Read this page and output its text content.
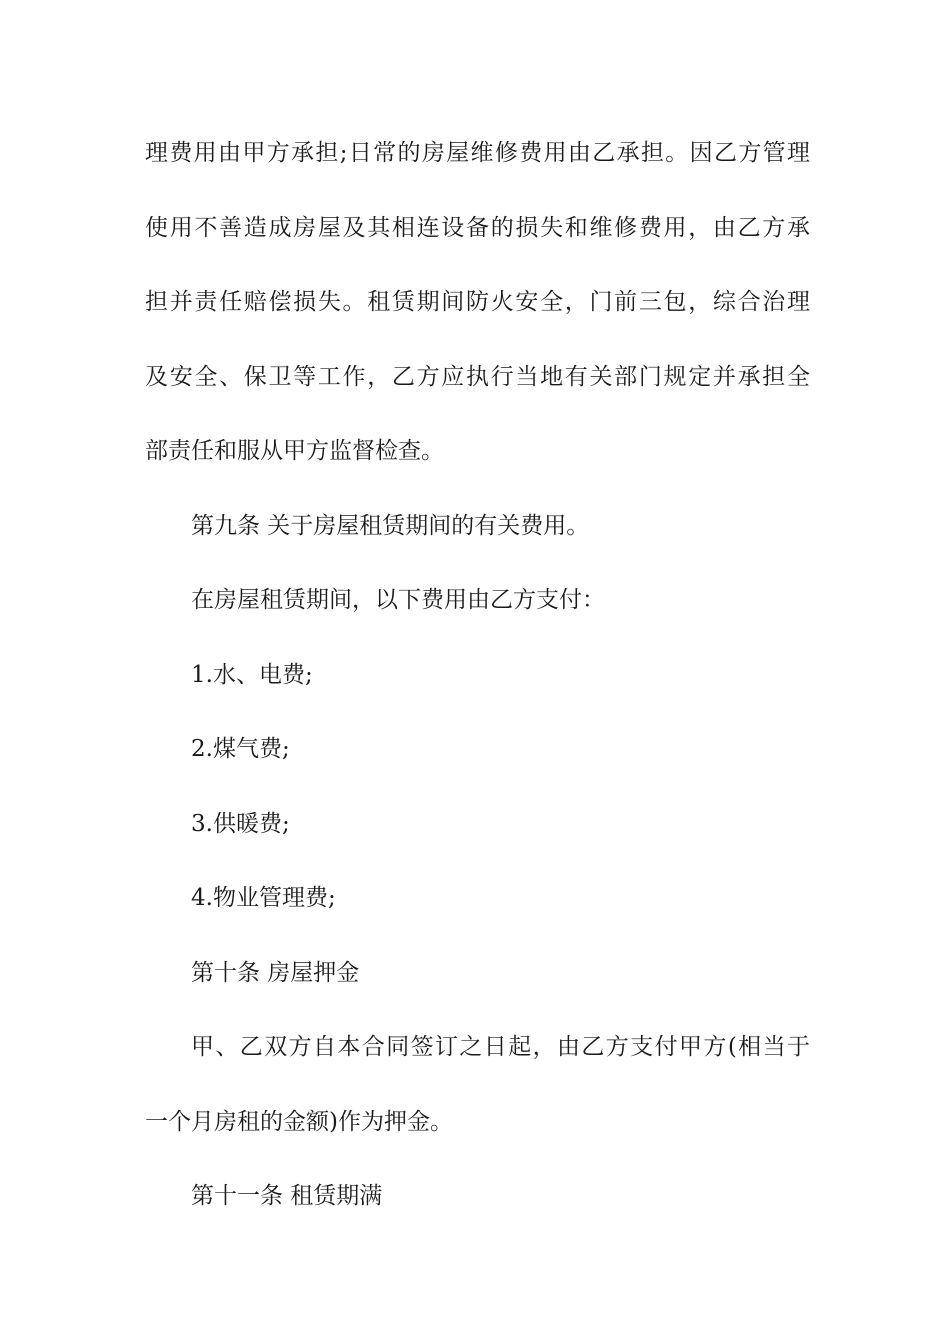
理费用由甲方承担;日常的房屋维修费用由乙承担。因乙方管理
使用不善造成房屋及其相连设备的损失和维修费用，由乙方承
担并责任赔偿损失。租赁期间防火安全，门前三包，综合治理
及安全、保卫等工作，乙方应执行当地有关部门规定并承担全
部责任和服从甲方监督检查。
第九条 关于房屋租赁期间的有关费用。
在房屋租赁期间，以下费用由乙方支付：
1.水、电费;
2.煤气费;
3.供暖费;
4.物业管理费;
第十条 房屋押金
甲、乙双方自本合同签订之日起，由乙方支付甲方(相当于
一个月房租的金额)作为押金。
第十一条 租赁期满
